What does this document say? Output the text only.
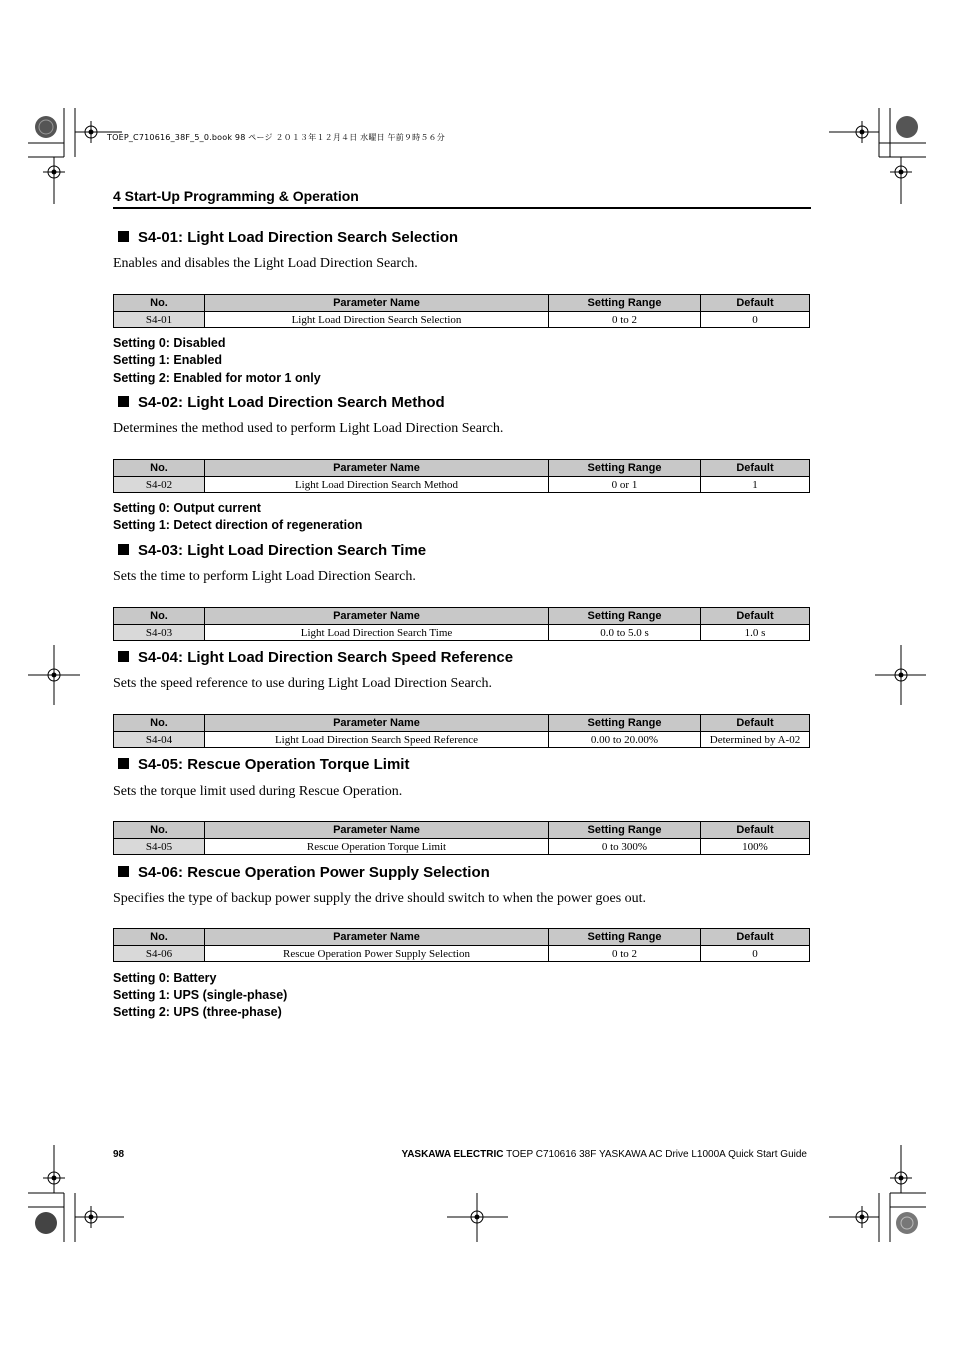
TOEP_C710616_38F_5_0.book 98 ページ ２０１３年１２月４日 水曜日 午前９時５６分
4 Start-Up Programming & Operation
S4-01: Light Load Direction Search Selection
Enables and disables the Light Load Direction Search.
No.	Parameter Name	Setting Range	Default
S4-01	Light Load Direction Search Selection	0 to 2	0
Setting 0: Disabled
Setting 1: Enabled
Setting 2: Enabled for motor 1 only
S4-02: Light Load Direction Search Method
Determines the method used to perform Light Load Direction Search.
No.	Parameter Name	Setting Range	Default
S4-02	Light Load Direction Search Method	0 or 1	1
Setting 0: Output current
Setting 1: Detect direction of regeneration
S4-03: Light Load Direction Search Time
Sets the time to perform Light Load Direction Search.
No.	Parameter Name	Setting Range	Default
S4-03	Light Load Direction Search Time	0.0 to 5.0 s	1.0 s
S4-04: Light Load Direction Search Speed Reference
Sets the speed reference to use during Light Load Direction Search.
No.	Parameter Name	Setting Range	Default
S4-04	Light Load Direction Search Speed Reference	0.00 to 20.00%	Determined by A-02
S4-05: Rescue Operation Torque Limit
Sets the torque limit used during Rescue Operation.
No.	Parameter Name	Setting Range	Default
S4-05	Rescue Operation Torque Limit	0 to 300%	100%
S4-06: Rescue Operation Power Supply Selection
Specifies the type of backup power supply the drive should switch to when the power goes out.
No.	Parameter Name	Setting Range	Default
S4-06	Rescue Operation Power Supply Selection	0 to 2	0
Setting 0: Battery
Setting 1: UPS (single-phase)
Setting 2: UPS (three-phase)
98	YASKAWA ELECTRIC TOEP C710616 38F YASKAWA AC Drive L1000A Quick Start Guide
